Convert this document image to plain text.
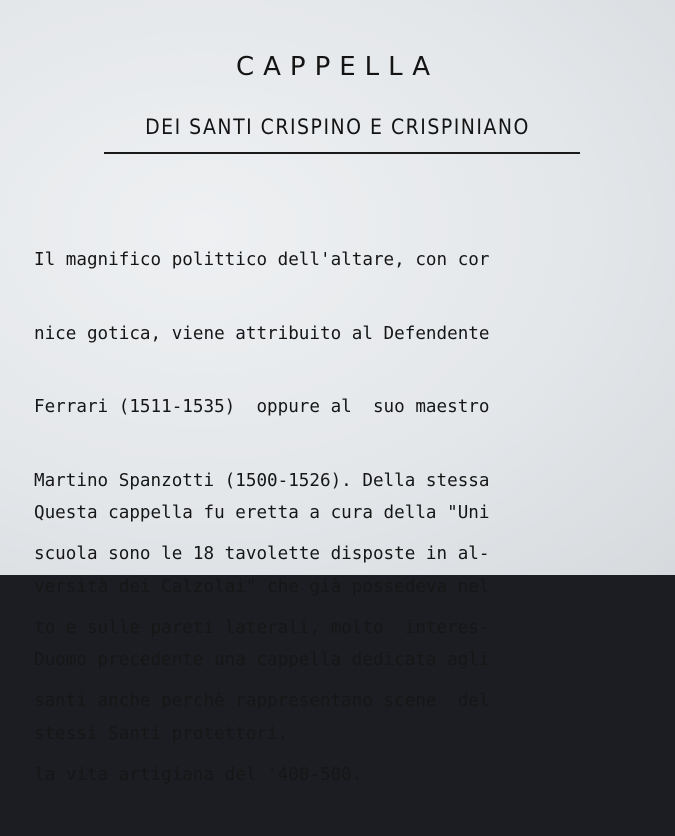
CAPPELLA
DEI SANTI CRISPINO E CRISPINIANO

Il magnifico polittico dell'altare, con cor

nice gotica, viene attribuito al Defendente

Ferrari (1511-1535)  oppure al  suo maestro

Martino Spanzotti (1500-1526). Della stessa

scuola sono le 18 tavolette disposte in al-

to e sulle pareti laterali, molto  interes-

santi anche perchè rappresentano scene  del

la vita artigiana del '400-500.

Questa cappella fu eretta a cura della "Uni

versità dei Calzolai" che già possedeva nel

Duomo precedente una cappella dedicata agli

stessi Santi protettori.
